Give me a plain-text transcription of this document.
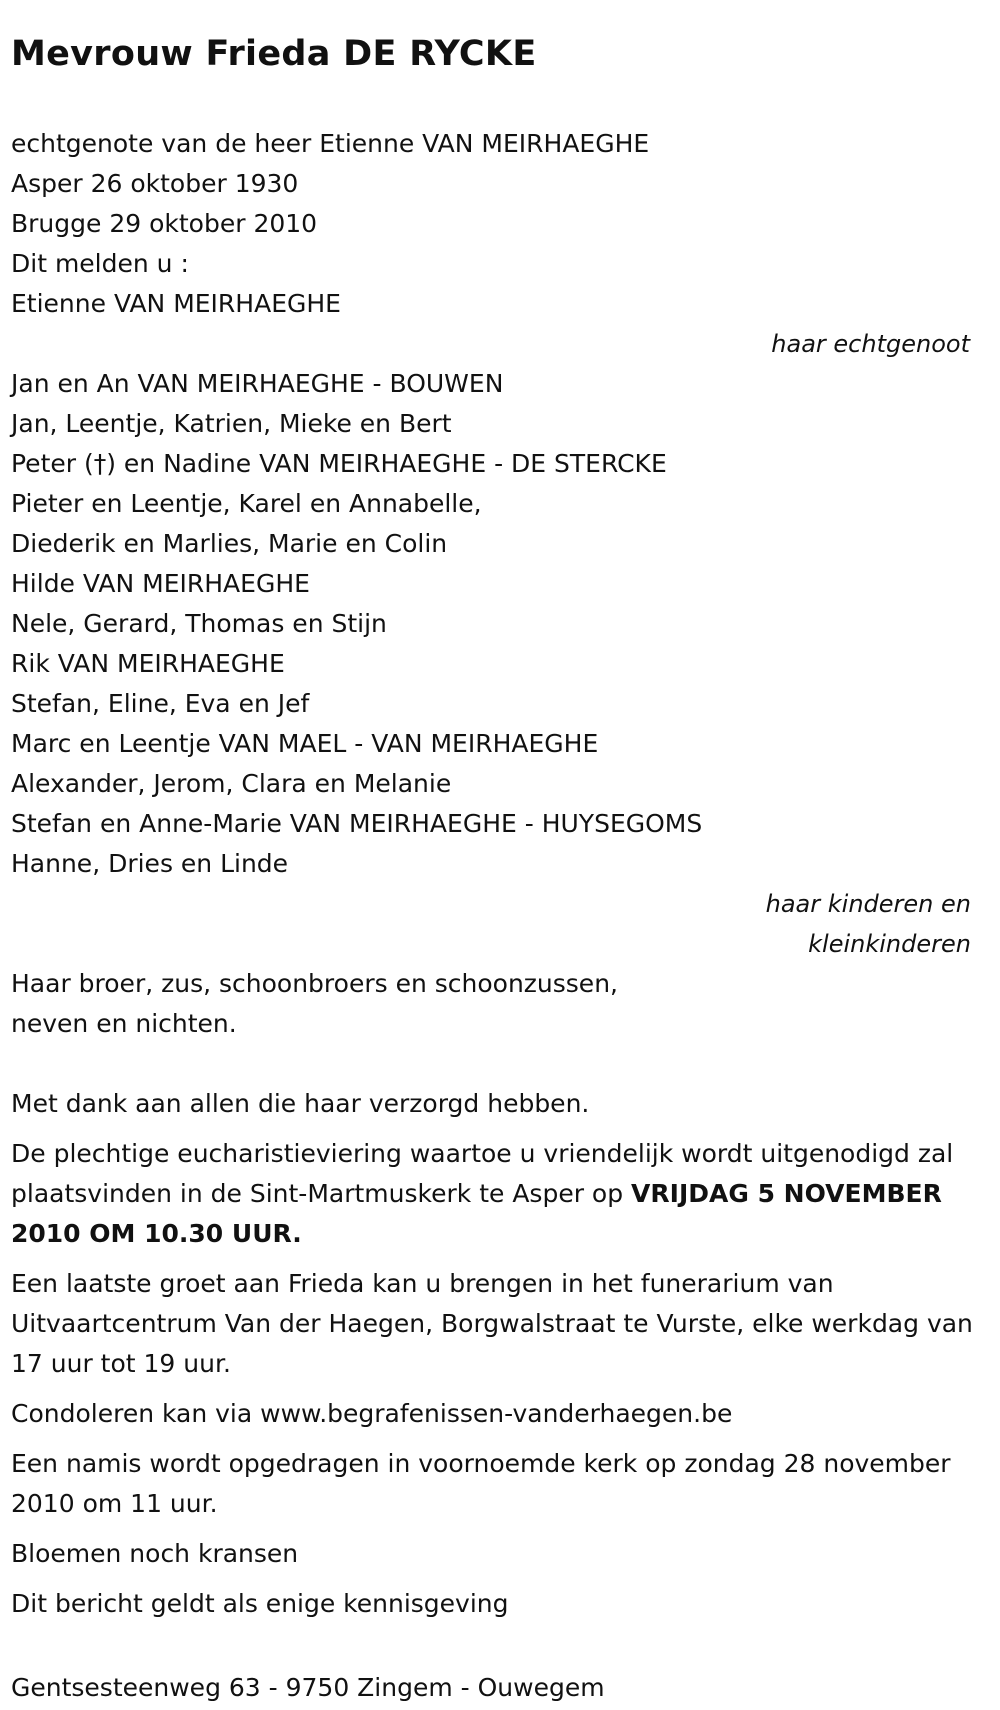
Mevrouw Frieda DE RYCKE

echtgenote van de heer Etienne VAN MEIRHAEGHE

Asper 26 oktober 1930

Brugge 29 oktober 2010

Dit melden u :

Etienne VAN MEIRHAEGHE

haar echtgenoot

Jan en An VAN MEIRHAEGHE - BOUWEN

Jan, Leentje, Katrien, Mieke en Bert

Peter (†) en Nadine VAN MEIRHAEGHE - DE STERCKE

Pieter en Leentje, Karel en Annabelle,

Diederik en Marlies, Marie en Colin

Hilde VAN MEIRHAEGHE

Nele, Gerard, Thomas en Stijn

Rik VAN MEIRHAEGHE

Stefan, Eline, Eva en Jef

Marc en Leentje VAN MAEL - VAN MEIRHAEGHE

Alexander, Jerom, Clara en Melanie

Stefan en Anne-Marie VAN MEIRHAEGHE - HUYSEGOMS

Hanne, Dries en Linde

haar kinderen en

kleinkinderen

Haar broer, zus, schoonbroers en schoonzussen,

neven en nichten.

Met dank aan allen die haar verzorgd hebben.

De plechtige eucharistieviering waartoe u vriendelijk wordt uitgenodigd zal plaatsvinden in de Sint-Martmuskerk te Asper op VRIJDAG 5 NOVEMBER 2010 OM 10.30 UUR.

Een laatste groet aan Frieda kan u brengen in het funerarium van Uitvaartcentrum Van der Haegen, Borgwalstraat te Vurste, elke werkdag van 17 uur tot 19 uur.

Condoleren kan via www.begrafenissen-vanderhaegen.be

Een namis wordt opgedragen in voornoemde kerk op zondag 28 november 2010 om 11 uur.

Bloemen noch kransen

Dit bericht geldt als enige kennisgeving

Gentsesteenweg 63 - 9750 Zingem - Ouwegem
